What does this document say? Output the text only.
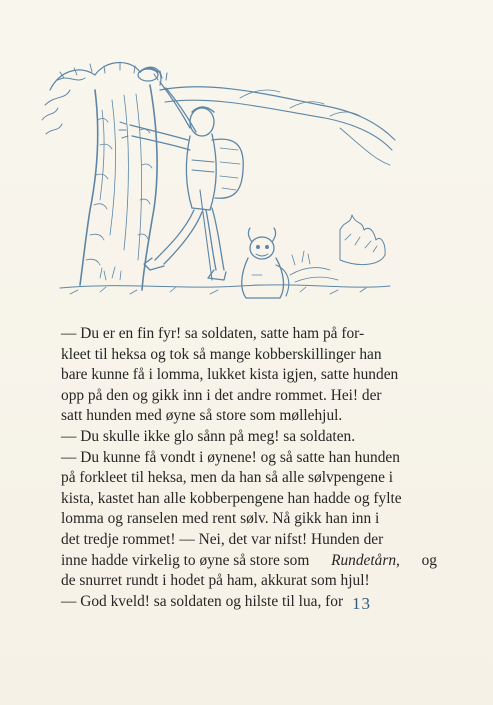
— Du er en fin fyr! sa soldaten, satte ham på for-
kleet til heksa og tok så mange kobberskillinger han
bare kunne få i lomma, lukket kista igjen, satte hunden
opp på den og gikk inn i det andre rommet. Hei! der
satt hunden med øyne så store som møllehjul.
— Du skulle ikke glo sånn på meg! sa soldaten.
— Du kunne få vondt i øynene! og så satte han hunden
på forkleet til heksa, men da han så alle sølvpengene i
kista, kastet han alle kobberpengene han hadde og fylte
lomma og ranselen med rent sølv. Nå gikk han inn i
det tredje rommet! — Nei, det var nifst! Hunden der
inne hadde virkelig to øyne så store som Rundetårn, og
de snurret rundt i hodet på ham, akkurat som hjul!
— God kveld! sa soldaten og hilste til lua, for 13
